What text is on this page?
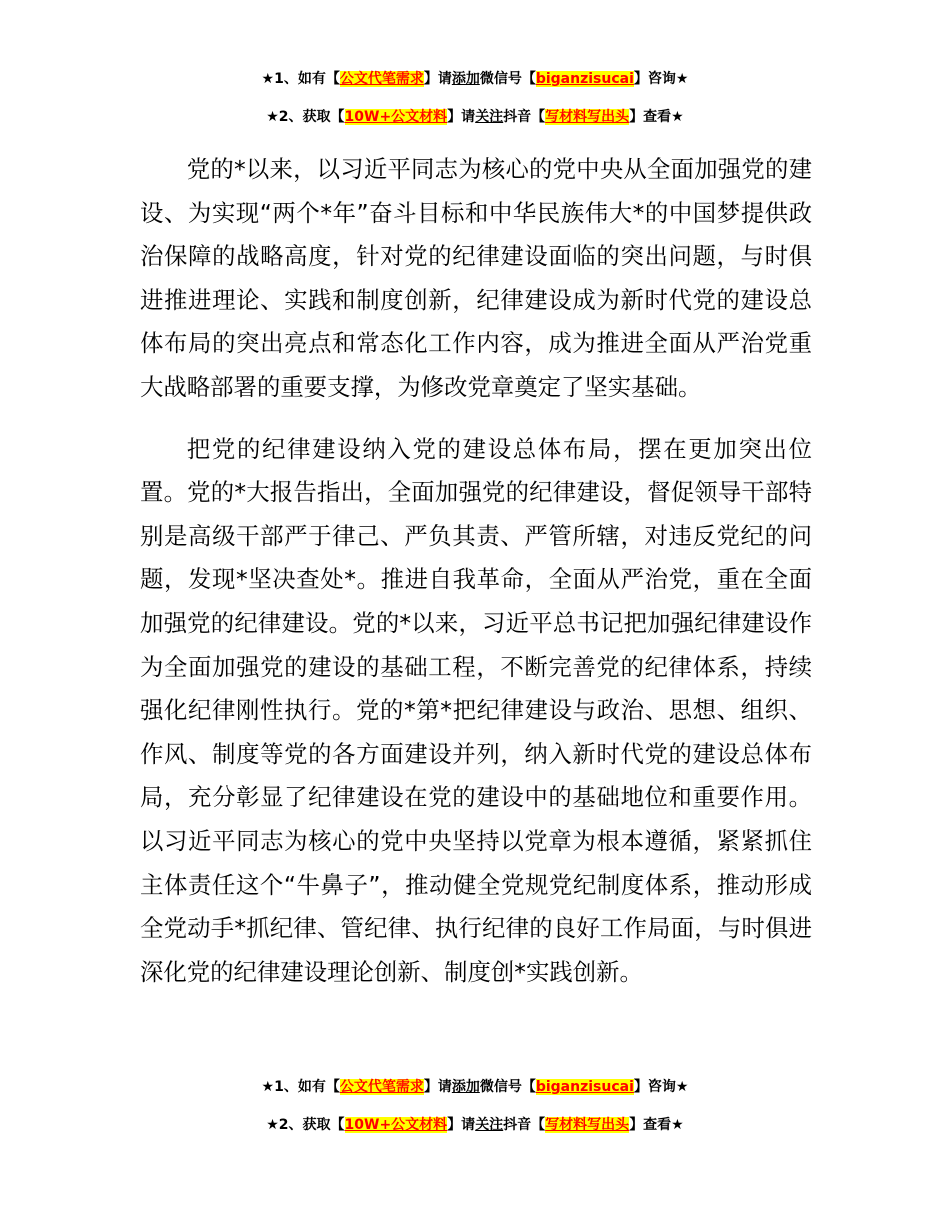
★1、如有【公文代笔需求】请添加微信号【biganzisucai】咨询★
★2、获取【10W+公文材料】请关注抖音【写材料写出头】查看★

党的*以来，以习近平同志为核心的党中央从全面加强党的建设、为实现“两个*年”奋斗目标和中华民族伟大*的中国梦提供政治保障的战略高度，针对党的纪律建设面临的突出问题，与时俱进推进理论、实践和制度创新，纪律建设成为新时代党的建设总体布局的突出亮点和常态化工作内容，成为推进全面从严治党重大战略部署的重要支撑，为修改党章奠定了坚实基础。

把党的纪律建设纳入党的建设总体布局，摆在更加突出位置。党的*大报告指出，全面加强党的纪律建设，督促领导干部特别是高级干部严于律己、严负其责、严管所辖，对违反党纪的问题，发现*坚决查处*。推进自我革命，全面从严治党，重在全面加强党的纪律建设。党的*以来，习近平总书记把加强纪律建设作为全面加强党的建设的基础工程，不断完善党的纪律体系，持续强化纪律刚性执行。党的*第*把纪律建设与政治、思想、组织、作风、制度等党的各方面建设并列，纳入新时代党的建设总体布局，充分彰显了纪律建设在党的建设中的基础地位和重要作用。以习近平同志为核心的党中央坚持以党章为根本遵循，紧紧抓住主体责任这个“牛鼻子”，推动健全党规党纪制度体系，推动形成全党动手*抓纪律、管纪律、执行纪律的良好工作局面，与时俱进深化党的纪律建设理论创新、制度创*实践创新。

★1、如有【公文代笔需求】请添加微信号【biganzisucai】咨询★
★2、获取【10W+公文材料】请关注抖音【写材料写出头】查看★
